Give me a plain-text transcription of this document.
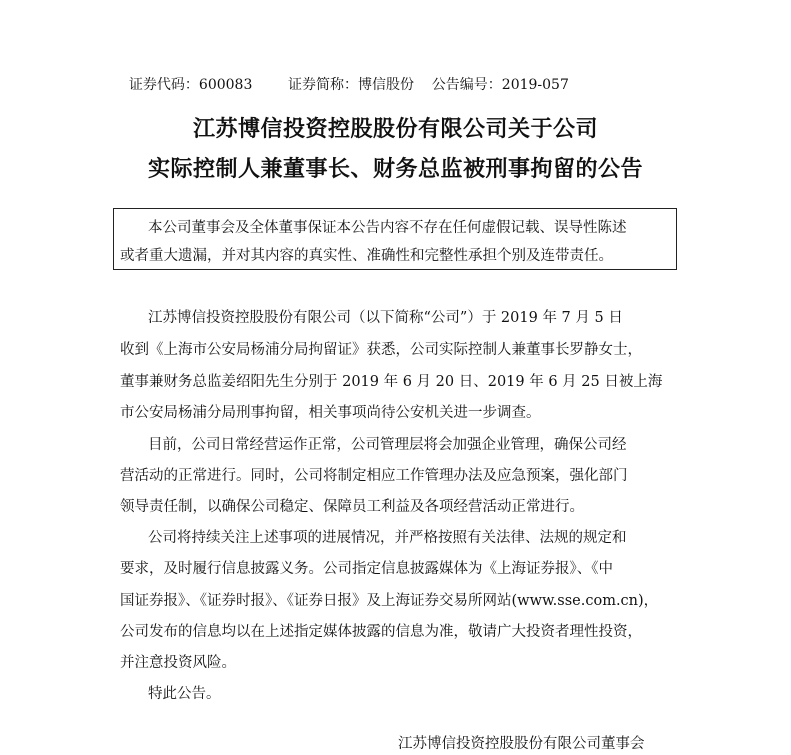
证券代码：600083	证券简称：博信股份 公告编号：2019-057

江苏博信投资控股股份有限公司关于公司
实际控制人兼董事长、财务总监被刑事拘留的公告
本公司董事会及全体董事保证本公告内容不存在任何虚假记载、误导性陈述
或者重大遗漏，并对其内容的真实性、准确性和完整性承担个别及连带责任。
江苏博信投资控股股份有限公司（以下简称“公司”）于 2019 年 7 月 5 日
收到《上海市公安局杨浦分局拘留证》获悉，公司实际控制人兼董事长罗静女士，
董事兼财务总监姜绍阳先生分别于 2019 年 6 月 20 日、2019 年 6 月 25 日被上海
市公安局杨浦分局刑事拘留，相关事项尚待公安机关进一步调查。
目前，公司日常经营运作正常，公司管理层将会加强企业管理，确保公司经
营活动的正常进行。同时，公司将制定相应工作管理办法及应急预案，强化部门
领导责任制，以确保公司稳定、保障员工利益及各项经营活动正常进行。
公司将持续关注上述事项的进展情况，并严格按照有关法律、法规的规定和
要求，及时履行信息披露义务。公司指定信息披露媒体为《上海证券报》、《中
国证券报》、《证券时报》、《证券日报》及上海证券交易所网站(www.sse.com.cn)，
公司发布的信息均以在上述指定媒体披露的信息为准，敬请广大投资者理性投资，
并注意投资风险。
特此公告。
江苏博信投资控股股份有限公司董事会
